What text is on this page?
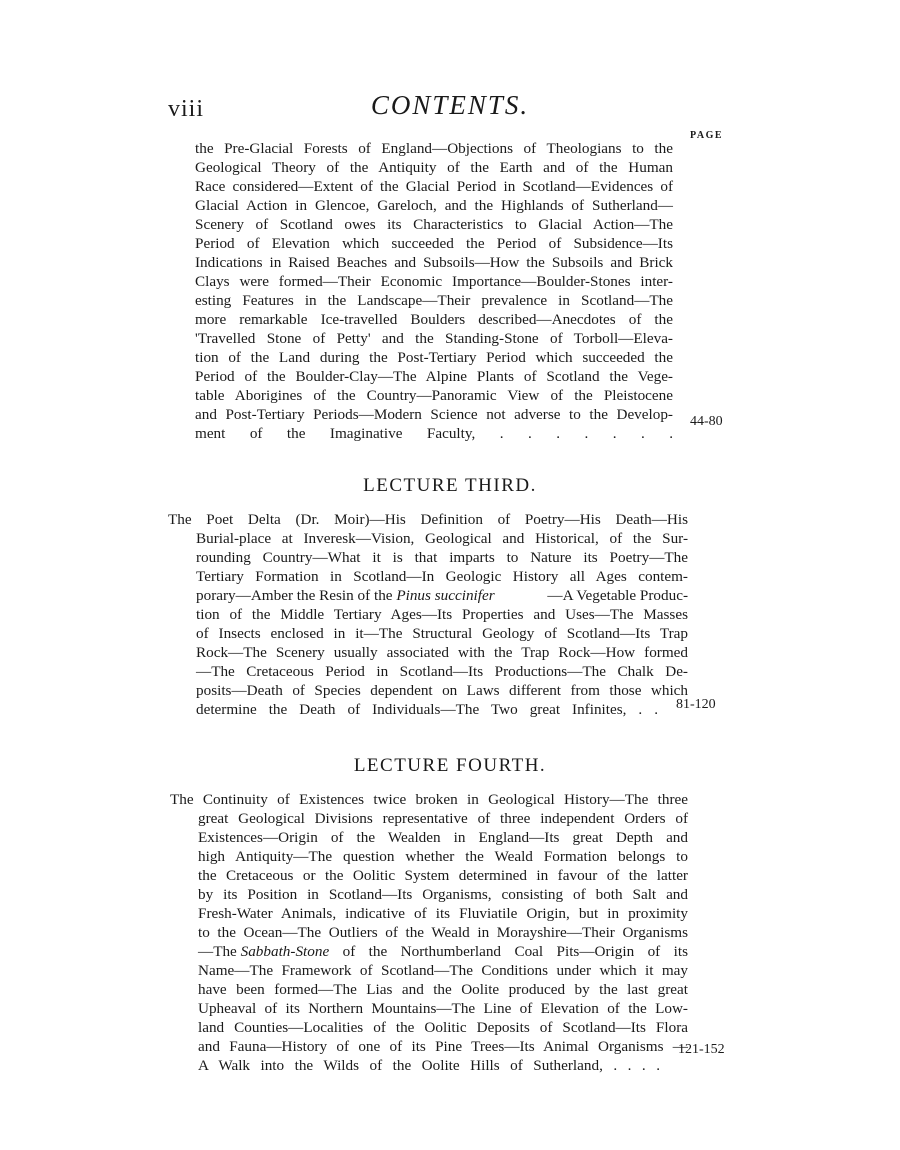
viii	CONTENTS.
PAGE
the Pre-Glacial Forests of England—Objections of Theologians to the
Geological Theory of the Antiquity of the Earth and of the Human
Race considered—Extent of the Glacial Period in Scotland—Evidences of
Glacial Action in Glencoe, Gareloch, and the Highlands of Sutherland—
Scenery of Scotland owes its Characteristics to Glacial Action—The
Period of Elevation which succeeded the Period of Subsidence—Its
Indications in Raised Beaches and Subsoils—How the Subsoils and Brick
Clays were formed—Their Economic Importance—Boulder-Stones inter-
esting Features in the Landscape—Their prevalence in Scotland—The
more remarkable Ice-travelled Boulders described—Anecdotes of the
'Travelled Stone of Petty' and the Standing-Stone of Torboll—Eleva-
tion of the Land during the Post-Tertiary Period which succeeded the
Period of the Boulder-Clay—The Alpine Plants of Scotland the Vege-
table Aborigines of the Country—Panoramic View of the Pleistocene
and Post-Tertiary Periods—Modern Science not adverse to the Develop-
ment of the Imaginative Faculty, . . . . . . .
44-80
LECTURE THIRD.
The Poet Delta (Dr. Moir)—His Definition of Poetry—His Death—His
Burial-place at Inveresk—Vision, Geological and Historical, of the Sur-
rounding Country—What it is that imparts to Nature its Poetry—The
Tertiary Formation in Scotland—In Geologic History all Ages contem-
porary—Amber the Resin of the Pinus succinifer	—A Vegetable Produc-
tion of the Middle Tertiary Ages—Its Properties and Uses—The Masses
of Insects enclosed in it—The Structural Geology of Scotland—Its Trap
Rock—The Scenery usually associated with the Trap Rock—How formed
—The Cretaceous Period in Scotland—Its Productions—The Chalk De-
posits—Death of Species dependent on Laws different from those which
determine the Death of Individuals—The Two great Infinites, . . 81-120
LECTURE FOURTH.
The Continuity of Existences twice broken in Geological History—The three
great Geological Divisions representative of three independent Orders of
Existences—Origin of the Wealden in England—Its great Depth and
high Antiquity—The question whether the Weald Formation belongs to
the Cretaceous or the Oolitic System determined in favour of the latter
by its Position in Scotland—Its Organisms, consisting of both Salt and
Fresh-Water Animals, indicative of its Fluviatile Origin, but in proximity
to the Ocean—The Outliers of the Weald in Morayshire—Their Organisms
—The Sabbath-Stone of the Northumberland Coal Pits—Origin of its
Name—The Framework of Scotland—The Conditions under which it may
have been formed—The Lias and the Oolite produced by the last great
Upheaval of its Northern Mountains—The Line of Elevation of the Low-
land Counties—Localities of the Oolitic Deposits of Scotland—Its Flora
and Fauna—History of one of its Pine Trees—Its Animal Organisms —
A Walk into the Wilds of the Oolite Hills of Sutherland, . . . .
121-152
